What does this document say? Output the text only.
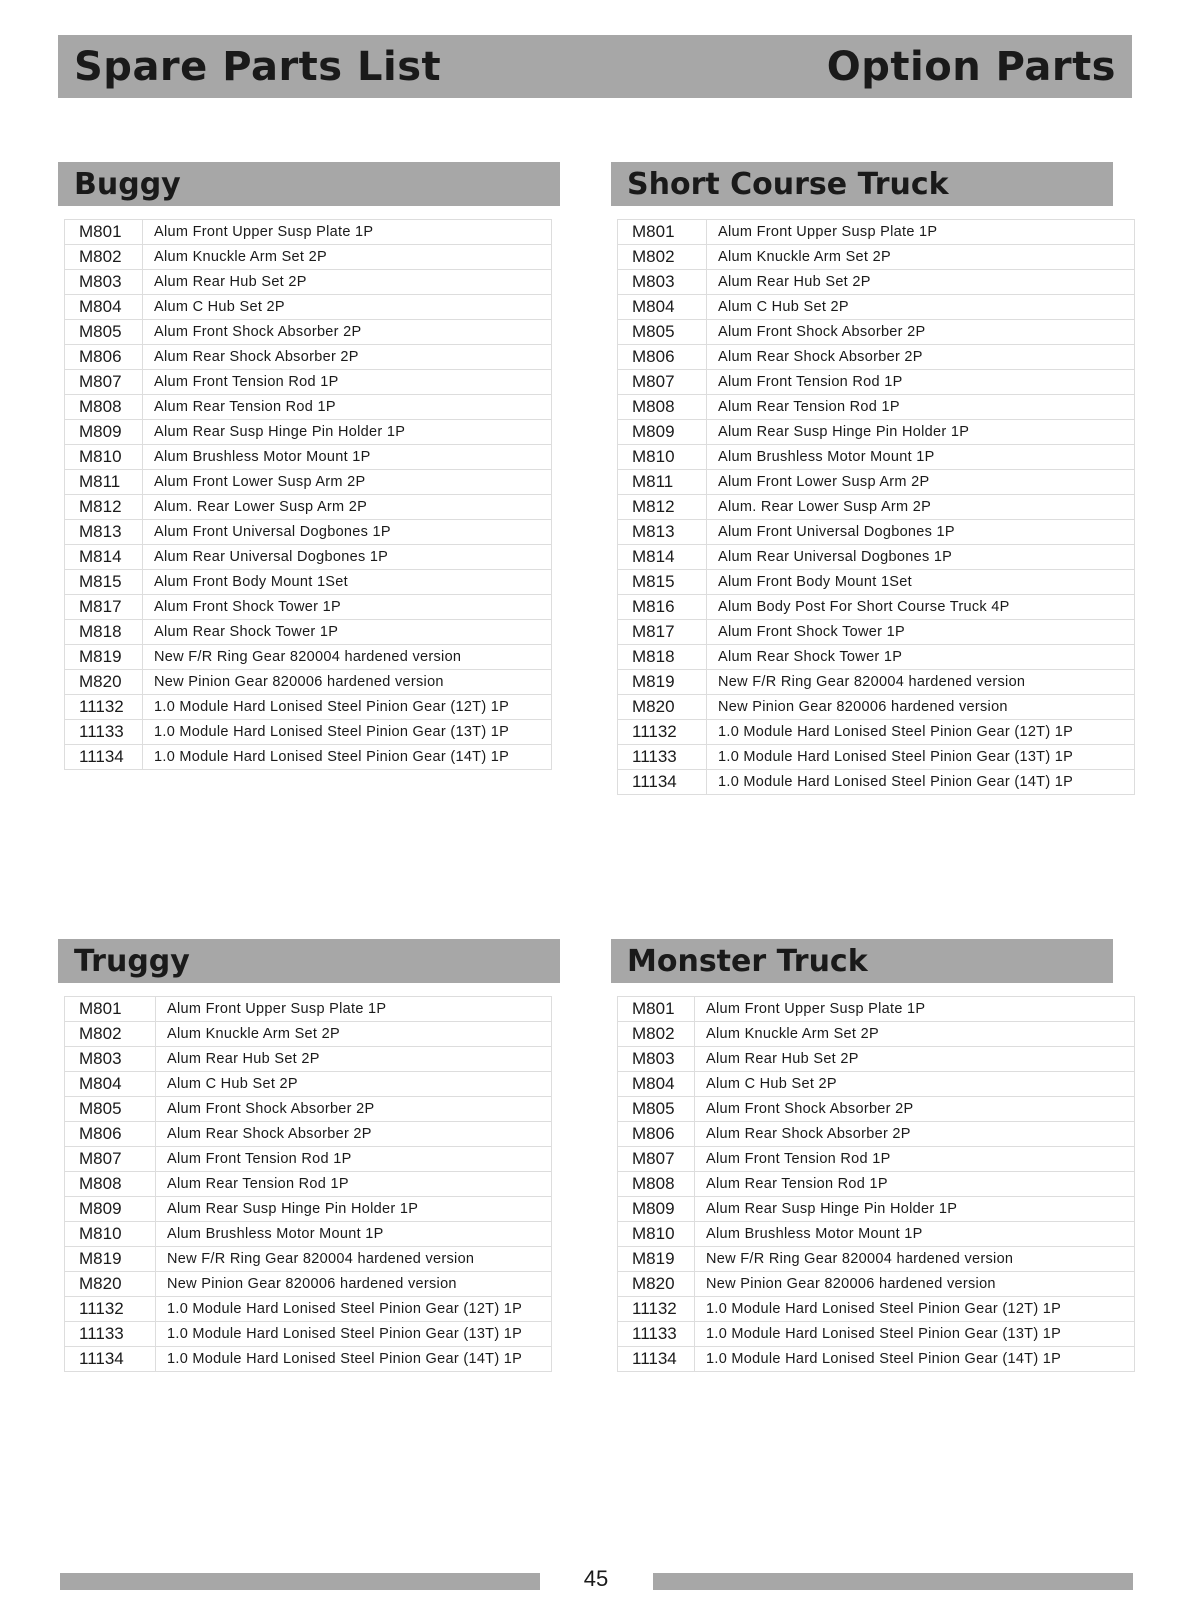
Spare Parts List	Option Parts
Buggy
M801	Alum Front Upper Susp Plate 1P
M802	Alum Knuckle Arm Set 2P
M803	Alum Rear Hub Set 2P
M804	Alum C Hub Set 2P
M805	Alum Front Shock Absorber 2P
M806	Alum Rear Shock Absorber 2P
M807	Alum Front Tension Rod 1P
M808	Alum Rear Tension Rod 1P
M809	Alum Rear Susp Hinge Pin Holder 1P
M810	Alum Brushless Motor Mount 1P
M811	Alum Front Lower Susp Arm 2P
M812	Alum. Rear Lower Susp Arm 2P
M813	Alum Front Universal Dogbones 1P
M814	Alum Rear Universal Dogbones 1P
M815	Alum Front Body Mount 1Set
M817	Alum Front Shock Tower 1P
M818	Alum Rear Shock Tower 1P
M819	New F/R Ring Gear 820004 hardened version
M820	New Pinion Gear 820006 hardened version
11132	1.0 Module Hard Lonised Steel Pinion Gear (12T) 1P
11133	1.0 Module Hard Lonised Steel Pinion Gear (13T) 1P
11134	1.0 Module Hard Lonised Steel Pinion Gear (14T) 1P
Short Course Truck
M801	Alum Front Upper Susp Plate 1P
M802	Alum Knuckle Arm Set 2P
M803	Alum Rear Hub Set 2P
M804	Alum C Hub Set 2P
M805	Alum Front Shock Absorber 2P
M806	Alum Rear Shock Absorber 2P
M807	Alum Front Tension Rod 1P
M808	Alum Rear Tension Rod 1P
M809	Alum Rear Susp Hinge Pin Holder 1P
M810	Alum Brushless Motor Mount 1P
M811	Alum Front Lower Susp Arm 2P
M812	Alum. Rear Lower Susp Arm 2P
M813	Alum Front Universal Dogbones 1P
M814	Alum Rear Universal Dogbones 1P
M815	Alum Front Body Mount 1Set
M816	Alum Body Post For Short Course Truck 4P
M817	Alum Front Shock Tower 1P
M818	Alum Rear Shock Tower 1P
M819	New F/R Ring Gear 820004 hardened version
M820	New Pinion Gear 820006 hardened version
11132	1.0 Module Hard Lonised Steel Pinion Gear (12T) 1P
11133	1.0 Module Hard Lonised Steel Pinion Gear (13T) 1P
11134	1.0 Module Hard Lonised Steel Pinion Gear (14T) 1P
Truggy
M801	Alum Front Upper Susp Plate 1P
M802	Alum Knuckle Arm Set 2P
M803	Alum Rear Hub Set 2P
M804	Alum C Hub Set 2P
M805	Alum Front Shock Absorber 2P
M806	Alum Rear Shock Absorber 2P
M807	Alum Front Tension Rod 1P
M808	Alum Rear Tension Rod 1P
M809	Alum Rear Susp Hinge Pin Holder 1P
M810	Alum Brushless Motor Mount 1P
M819	New F/R Ring Gear 820004 hardened version
M820	New Pinion Gear 820006 hardened version
11132	1.0 Module Hard Lonised Steel Pinion Gear (12T) 1P
11133	1.0 Module Hard Lonised Steel Pinion Gear (13T) 1P
11134	1.0 Module Hard Lonised Steel Pinion Gear (14T) 1P
Monster Truck
M801	Alum Front Upper Susp Plate 1P
M802	Alum Knuckle Arm Set 2P
M803	Alum Rear Hub Set 2P
M804	Alum C Hub Set 2P
M805	Alum Front Shock Absorber 2P
M806	Alum Rear Shock Absorber 2P
M807	Alum Front Tension Rod 1P
M808	Alum Rear Tension Rod 1P
M809	Alum Rear Susp Hinge Pin Holder 1P
M810	Alum Brushless Motor Mount 1P
M819	New F/R Ring Gear 820004 hardened version
M820	New Pinion Gear 820006 hardened version
11132	1.0 Module Hard Lonised Steel Pinion Gear (12T) 1P
11133	1.0 Module Hard Lonised Steel Pinion Gear (13T) 1P
11134	1.0 Module Hard Lonised Steel Pinion Gear (14T) 1P
45
